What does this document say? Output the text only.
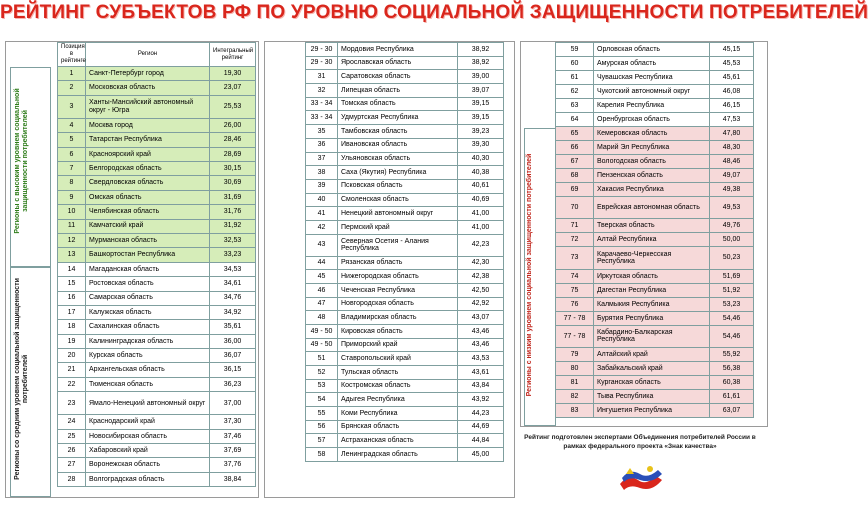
РЕЙТИНГ СУБЪЕКТОВ РФ ПО УРОВНЮ СОЦИАЛЬНОЙ ЗАЩИЩЕННОСТИ ПОТРЕБИТЕЛЕЙ
Регионы с высоким уровнем социальной защищенности потребителей
Регионы со средним уровнем социальной защищенности потребителей	Регионы с низким уровнем социальной защищенности потребителей
Позиция в рейтинге	Регион	Интегральный рейтинг
1	Санкт-Петербург город	19,30
2	Московская область	23,07
3	Ханты-Мансийский автономный округ - Югра	25,53
4	Москва город	26,00
5	Татарстан Республика	28,46
6	Красноярский край	28,69
7	Белгородская область	30,15
8	Свердловская область	30,69
9	Омская область	31,69
10	Челябинская область	31,76
11	Камчатский край	31,92
12	Мурманская область	32,53
13	Башкортостан Республика	33,23
14	Магаданская область	34,53
15	Ростовская область	34,61
16	Самарская область	34,76
17	Калужская область	34,92
18	Сахалинская область	35,61
19	Калининградская область	36,00
20	Курская область	36,07
21	Архангельская область	36,15
22	Тюменская область	36,23
23	Ямало-Ненецкий автономный округ	37,00
24	Краснодарский край	37,30
25	Новосибирская область	37,46
26	Хабаровский край	37,69
27	Воронежская область	37,76
28	Волгоградская область	38,84
29 - 30	Мордовия Республика	38,92
29 - 30	Ярославская область	38,92
31	Саратовская область	39,00
32	Липецкая область	39,07
33 - 34	Томская область	39,15
33 - 34	Удмуртская Республика	39,15
35	Тамбовская область	39,23
36	Ивановская область	39,30
37	Ульяновская область	40,30
38	Саха (Якутия) Республика	40,38
39	Псковская область	40,61
40	Смоленская область	40,69
41	Ненецкий автономный округ	41,00
42	Пермский край	41,00
43	Северная Осетия - Алания Республика	42,23
44	Рязанская область	42,30
45	Нижегородская область	42,38
46	Чеченская Республика	42,50
47	Новгородская область	42,92
48	Владимирская область	43,07
49 - 50	Кировская область	43,46
49 - 50	Приморский край	43,46
51	Ставропольский край	43,53
52	Тульская область	43,61
53	Костромская область	43,84
54	Адыгея Республика	43,92
55	Коми Республика	44,23
56	Брянская область	44,69
57	Астраханская область	44,84
58	Ленинградская область	45,00
59	Орловская область	45,15
60	Амурская область	45,53
61	Чувашская Республика	45,61
62	Чукотский автономный округ	46,08
63	Карелия Республика	46,15
64	Оренбургская область	47,53
65	Кемеровская область	47,80
66	Марий Эл Республика	48,30
67	Вологодская область	48,46
68	Пензенская область	49,07
69	Хакасия Республика	49,38
70	Еврейская автономная область	49,53
71	Тверская область	49,76
72	Алтай Республика	50,00
73	Карачаево-Черкесская Республика	50,23
74	Иркутская область	51,69
75	Дагестан Республика	51,92
76	Калмыкия Республика	53,23
77 - 78	Бурятия Республика	54,46
77 - 78	Кабардино-Балкарская Республика	54,46
79	Алтайский край	55,92
80	Забайкальский край	56,38
81	Курганская область	60,38
82	Тыва Республика	61,61
83	Ингушетия Республика	63,07
Рейтинг подготовлен экспертами Объединения потребителей России в рамках федерального проекта «Знак качества»
